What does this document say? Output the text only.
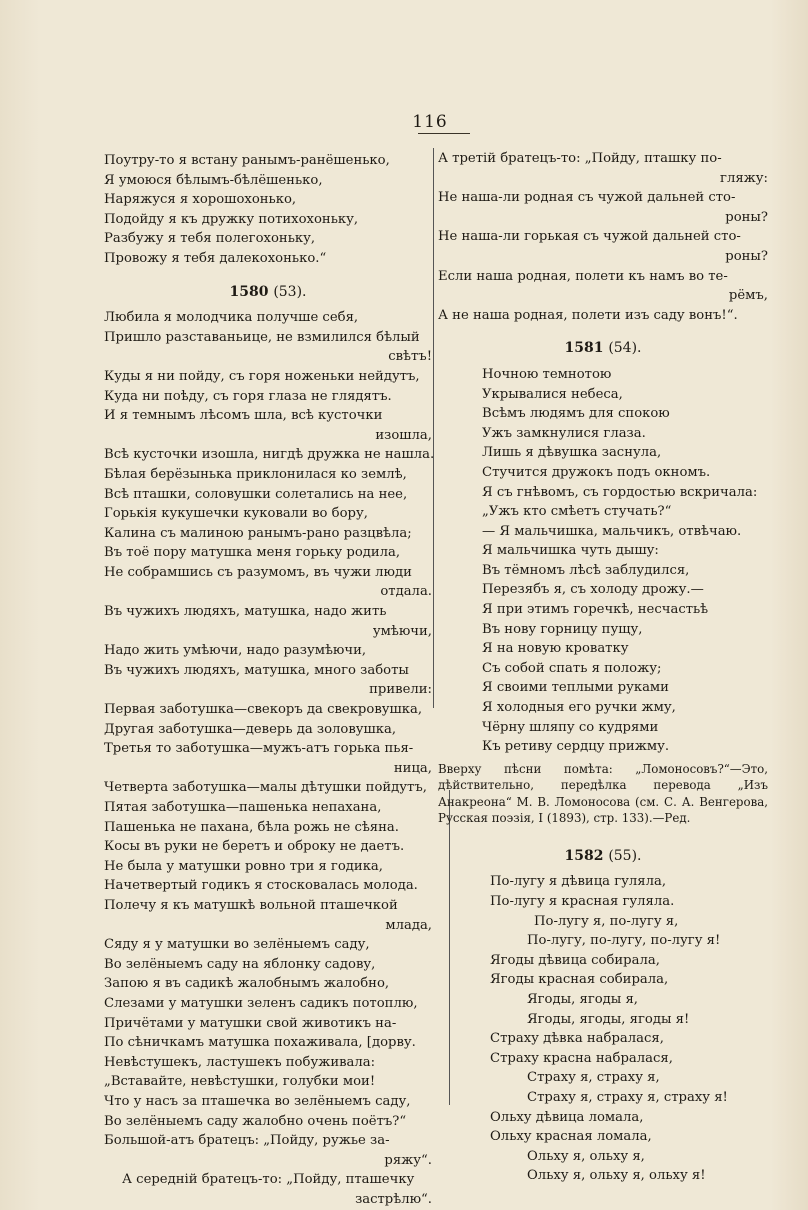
116
Поутру-то я встану ранымъ-ранёшенько,
Я умоюся бѣлымъ-бѣлёшенько,
Наряжуся я хорошохонько,
Подойду я къ дружку потихохоньку,
Разбужу я тебя полегохоньку,
Провожу я тебя далекохонько.“
1580 (53).
Любила я молодчика получше себя,
Пришло разставаньице, не взмилился бѣлый
свѣтъ!
Куды я ни пойду, съ горя ноженьки нейдутъ,
Куда ни поѣду, съ горя глаза не глядятъ.
И я темнымъ лѣсомъ шла, всѣ кусточки
изошла,
Всѣ кусточки изошла, нигдѣ дружка не нашла.
Бѣлая берёзынька приклонилася ко землѣ,
Всѣ пташки, соловушки солетались на нее,
Горькія кукушечки куковали во бору,
Калина съ малиною ранымъ-рано разцвѣла;
Въ тоё пору матушка меня горьку родила,
Не собрамшись съ разумомъ, въ чужи люди
отдала.
Въ чужихъ людяхъ, матушка, надо жить
умѣючи,
Надо жить умѣючи, надо разумѣючи,
Въ чужихъ людяхъ, матушка, много заботы
привели:
Первая заботушка—свекоръ да свекровушка,
Другая заботушка—деверь да золовушка,
Третья то заботушка—мужъ-атъ горька пья-
ница,
Четверта заботушка—малы дѣтушки пойдутъ,
Пятая заботушка—пашенька непахана,
Пашенька не пахана, бѣла рожь не сѣяна.
Косы въ руки не беретъ и оброку не даетъ.
Не была у матушки ровно три я годика,
Начетвертый годикъ я стосковалась молода.
Полечу я къ матушкѣ вольной пташечкой
млада,
Сяду я у матушки во зелёныемъ саду,
Во зелёныемъ саду на яблонку садову,
Запою я въ садикѣ жалобнымъ жалобно,
Слезами у матушки зеленъ садикъ потоплю,
Причётами у матушки свой животикъ на-
По сѣничкамъ матушка похаживала, [дорву.
Невѣстушекъ, ластушекъ побуживала:
„Вставайте, невѣстушки, голубки мои!
Что у насъ за пташечка во зелёныемъ саду,
Во зелёныемъ саду жалобно очень поётъ?“
Большой-атъ братецъ: „Пойду, ружье за-
ряжу“.
А середній братецъ-то: „Пойду, пташечку
застрѣлю“.
А третій братецъ-то: „Пойду, пташку по-
гляжу:
Не наша-ли родная съ чужой дальней сто-
роны?
Не наша-ли горькая съ чужой дальней сто-
роны?
Если наша родная, полети къ намъ во те-
рёмъ,
А не наша родная, полети изъ саду вонъ!“.
1581 (54).
Ночною темнотою
Укрывалися небеса,
Всѣмъ людямъ для спокою
Ужъ замкнулися глаза.
Лишь я дѣвушка заснула,
Стучится дружокъ подъ окномъ.
Я съ гнѣвомъ, съ гордостью вскричала:
„Ужъ кто смѣетъ стучать?“
— Я мальчишка, мальчикъ, отвѣчаю.
Я мальчишка чуть дышу:
Въ тёмномъ лѣсѣ заблудился,
Перезябъ я, съ холоду дрожу.—
Я при этимъ горечкѣ, несчастьѣ
Въ нову горницу пущу,
Я на новую кроватку
Съ собой спать я положу;
Я своими теплыми руками
Я холодныя его ручки жму,
Чёрну шляпу со кудрями
Къ ретиву сердцу прижму.
Вверху пѣсни помѣта: „Ломоносовъ?“—Это, дѣйствительно, передѣлка перевода „Изъ Анакреона“ М. В. Ломоносова (см. С. А. Венгерова, Русская поэзія, I (1893), стр. 133).—Ред.
1582 (55).
По-лугу я дѣвица гуляла,
По-лугу я красная гуляла.
По-лугу я, по-лугу я,
По-лугу, по-лугу, по-лугу я!
Ягоды дѣвица собирала,
Ягоды красная собирала,
Ягоды, ягоды я,
Ягоды, ягоды, ягоды я!
Страху дѣвка набралася,
Страху красна набралася,
Страху я, страху я,
Страху я, страху я, страху я!
Ольху дѣвица ломала,
Ольху красная ломала,
Ольху я, ольху я,
Ольху я, ольху я, ольху я!
